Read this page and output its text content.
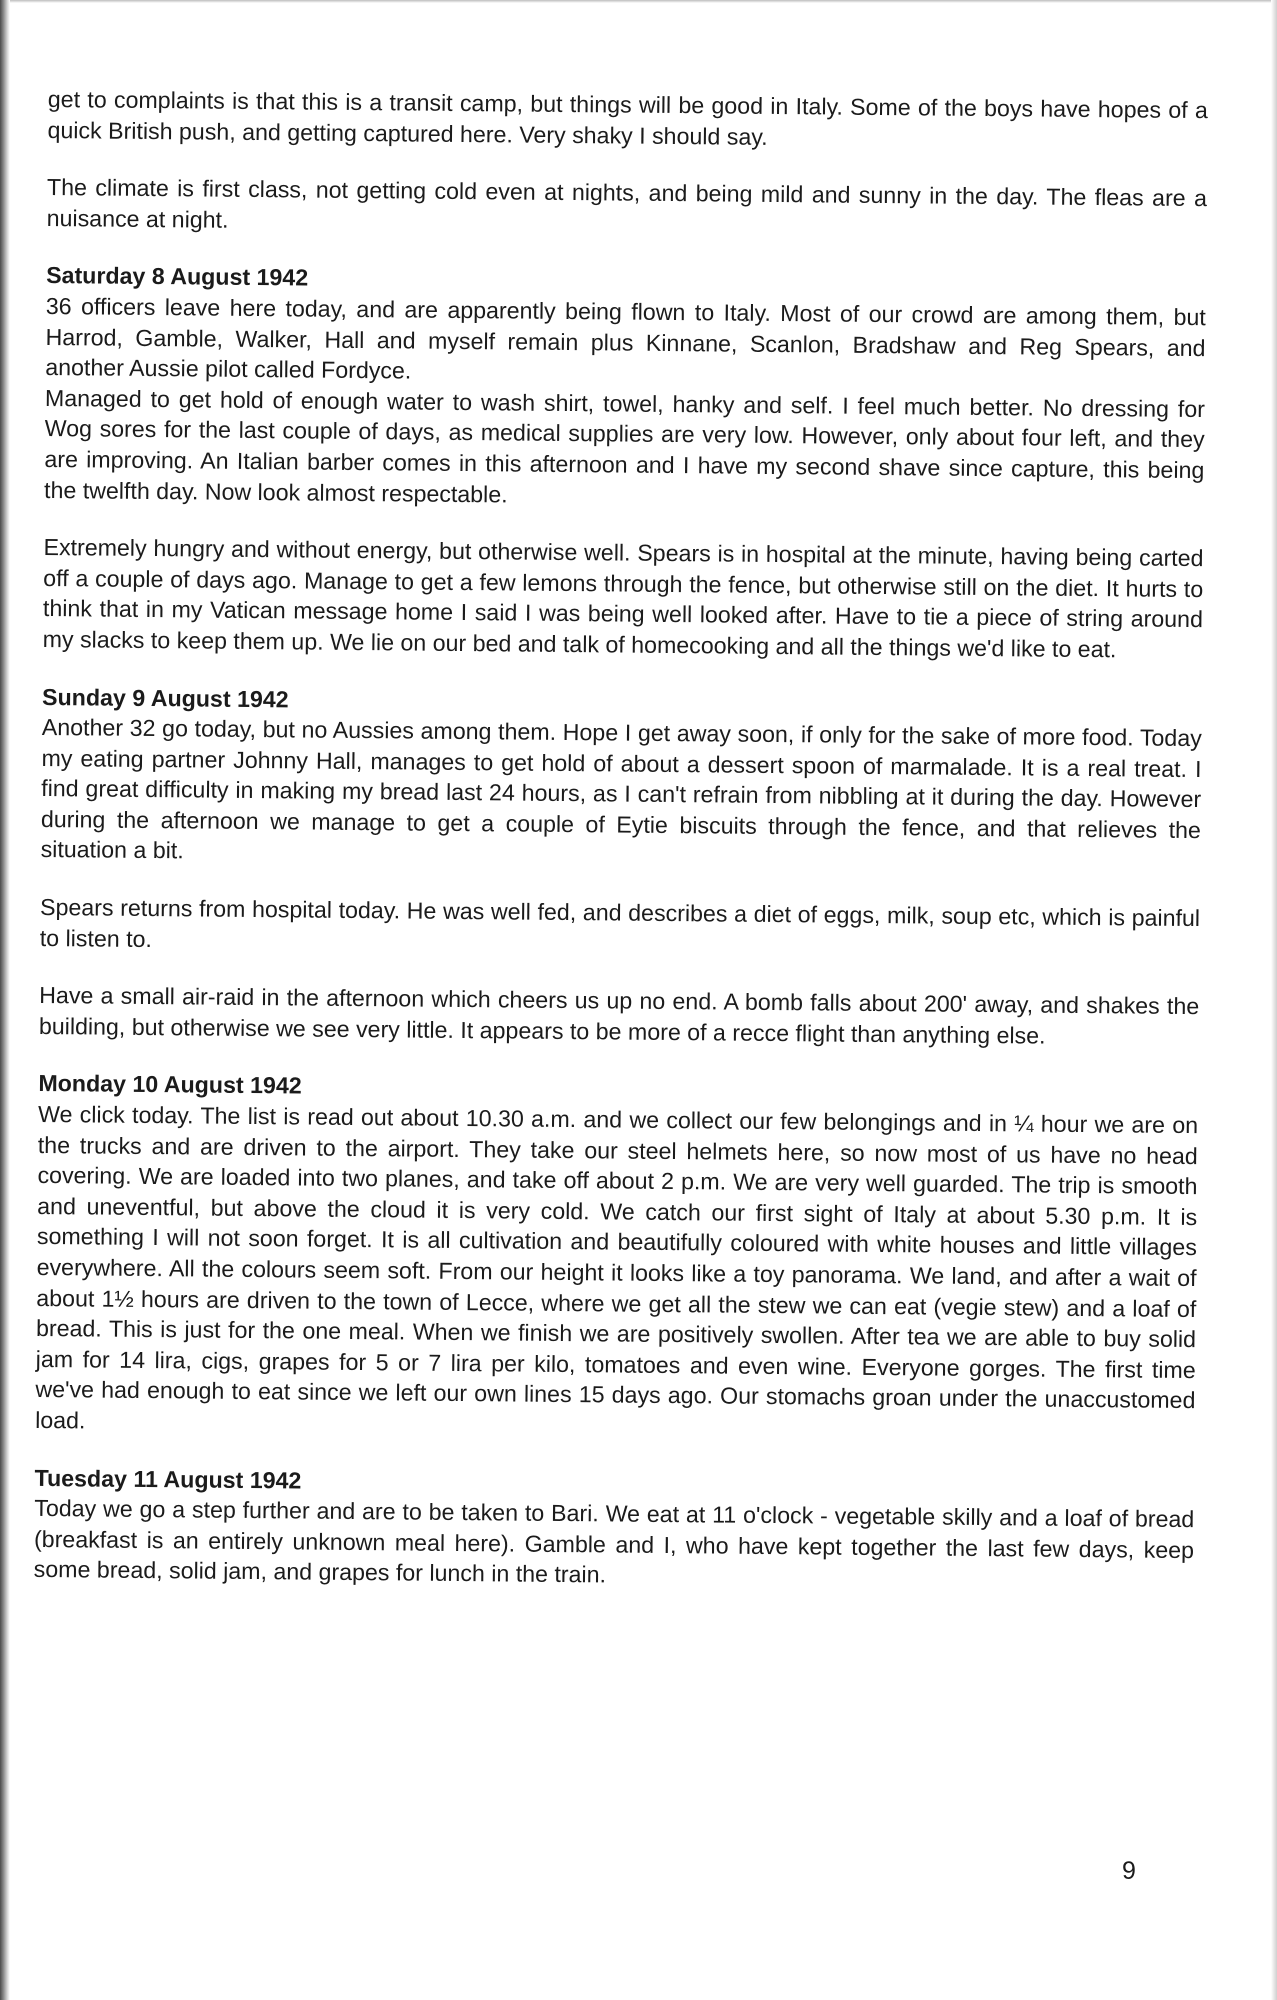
get to complaints is that this is a transit camp, but things will be good in Italy. Some of the boys have hopes of a quick British push, and getting captured here. Very shaky I should say.

The climate is first class, not getting cold even at nights, and being mild and sunny in the day. The fleas are a nuisance at night.

Saturday 8 August 1942

36 officers leave here today, and are apparently being flown to Italy. Most of our crowd are among them, but Harrod, Gamble, Walker, Hall and myself remain plus Kinnane, Scanlon, Bradshaw and Reg Spears, and another Aussie pilot called Fordyce.

Managed to get hold of enough water to wash shirt, towel, hanky and self. I feel much better. No dressing for Wog sores for the last couple of days, as medical supplies are very low. However, only about four left, and they are improving. An Italian barber comes in this afternoon and I have my second shave since capture, this being the twelfth day. Now look almost respectable.

Extremely hungry and without energy, but otherwise well. Spears is in hospital at the minute, having being carted off a couple of days ago. Manage to get a few lemons through the fence, but otherwise still on the diet. It hurts to think that in my Vatican message home I said I was being well looked after. Have to tie a piece of string around my slacks to keep them up. We lie on our bed and talk of homecooking and all the things we'd like to eat.

Sunday 9 August 1942

Another 32 go today, but no Aussies among them. Hope I get away soon, if only for the sake of more food. Today my eating partner Johnny Hall, manages to get hold of about a dessert spoon of marmalade. It is a real treat. I find great difficulty in making my bread last 24 hours, as I can't refrain from nibbling at it during the day. However during the afternoon we manage to get a couple of Eytie biscuits through the fence, and that relieves the situation a bit.

Spears returns from hospital today. He was well fed, and describes a diet of eggs, milk, soup etc, which is painful to listen to.

Have a small air-raid in the afternoon which cheers us up no end. A bomb falls about 200' away, and shakes the building, but otherwise we see very little. It appears to be more of a recce flight than anything else.

Monday 10 August 1942

We click today. The list is read out about 10.30 a.m. and we collect our few belongings and in ¼ hour we are on the trucks and are driven to the airport. They take our steel helmets here, so now most of us have no head covering. We are loaded into two planes, and take off about 2 p.m. We are very well guarded. The trip is smooth and uneventful, but above the cloud it is very cold. We catch our first sight of Italy at about 5.30 p.m. It is something I will not soon forget. It is all cultivation and beautifully coloured with white houses and little villages everywhere. All the colours seem soft. From our height it looks like a toy panorama. We land, and after a wait of about 1½ hours are driven to the town of Lecce, where we get all the stew we can eat (vegie stew) and a loaf of bread. This is just for the one meal. When we finish we are positively swollen. After tea we are able to buy solid jam for 14 lira, cigs, grapes for 5 or 7 lira per kilo, tomatoes and even wine. Everyone gorges. The first time we've had enough to eat since we left our own lines 15 days ago. Our stomachs groan under the unaccustomed load.

Tuesday 11 August 1942

Today we go a step further and are to be taken to Bari. We eat at 11 o'clock - vegetable skilly and a loaf of bread (breakfast is an entirely unknown meal here). Gamble and I, who have kept together the last few days, keep some bread, solid jam, and grapes for lunch in the train.

9
